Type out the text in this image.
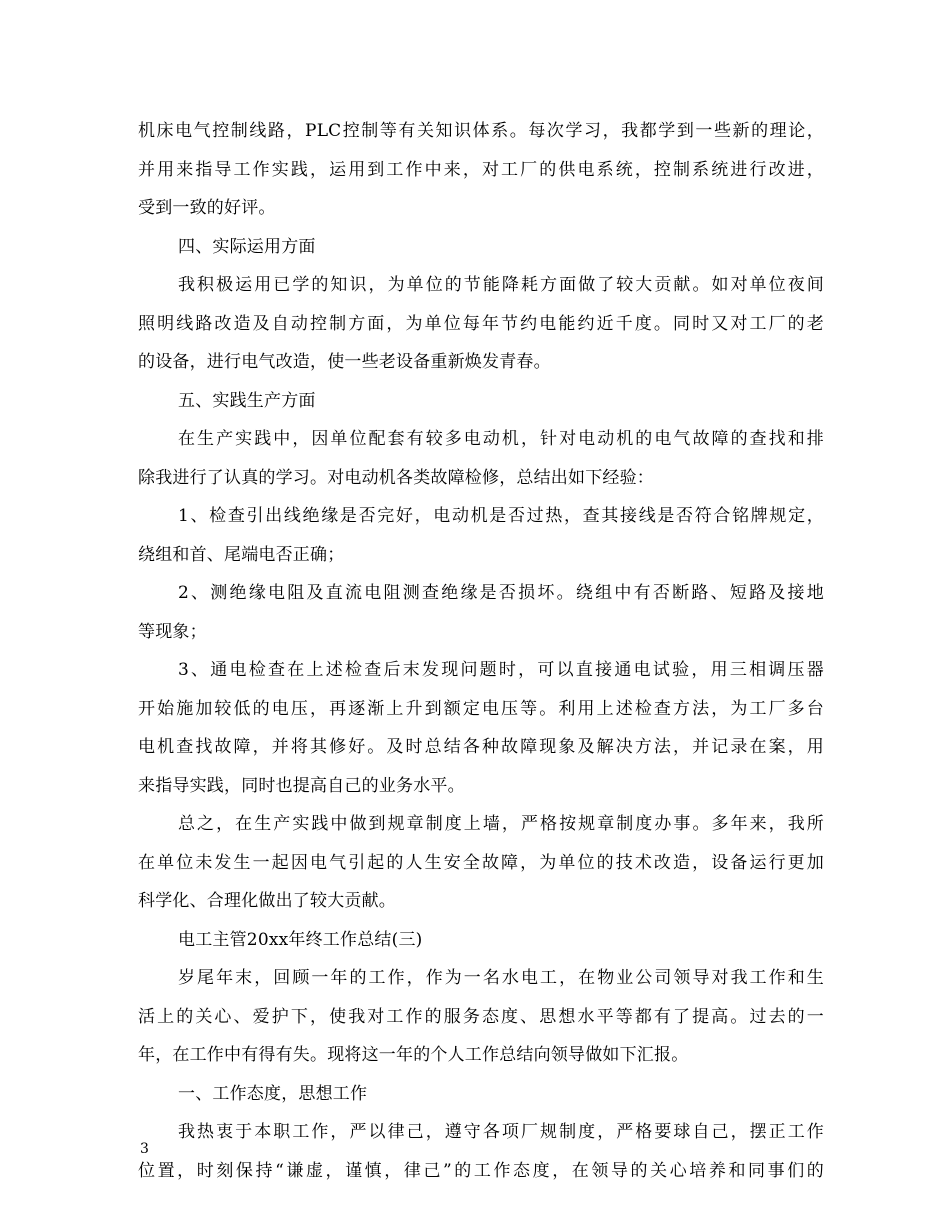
机床电气控制线路，PLC控制等有关知识体系。每次学习，我都学到一些新的理论，
并用来指导工作实践，运用到工作中来，对工厂的供电系统，控制系统进行改进，
受到一致的好评。
四、实际运用方面
我积极运用已学的知识，为单位的节能降耗方面做了较大贡献。如对单位夜间
照明线路改造及自动控制方面，为单位每年节约电能约近千度。同时又对工厂的老
的设备，进行电气改造，使一些老设备重新焕发青春。
五、实践生产方面
在生产实践中，因单位配套有较多电动机，针对电动机的电气故障的查找和排
除我进行了认真的学习。对电动机各类故障检修，总结出如下经验：
1、检查引出线绝缘是否完好，电动机是否过热，查其接线是否符合铭牌规定，
绕组和首、尾端电否正确；
2、测绝缘电阻及直流电阻测查绝缘是否损坏。绕组中有否断路、短路及接地
等现象；
3、通电检查在上述检查后末发现问题时，可以直接通电试验，用三相调压器
开始施加较低的电压，再逐渐上升到额定电压等。利用上述检查方法，为工厂多台
电机查找故障，并将其修好。及时总结各种故障现象及解决方法，并记录在案，用
来指导实践，同时也提高自己的业务水平。
总之，在生产实践中做到规章制度上墙，严格按规章制度办事。多年来，我所
在单位未发生一起因电气引起的人生安全故障，为单位的技术改造，设备运行更加
科学化、合理化做出了较大贡献。
电工主管20xx年终工作总结(三)
岁尾年末，回顾一年的工作，作为一名水电工，在物业公司领导对我工作和生
活上的关心、爱护下，使我对工作的服务态度、思想水平等都有了提高。过去的一
年，在工作中有得有失。现将这一年的个人工作总结向领导做如下汇报。
一、工作态度，思想工作
我热衷于本职工作，严以律己，遵守各项厂规制度，严格要球自己，摆正工作
位置，时刻保持“谦虚，谨慎，律己”的工作态度，在领导的关心培养和同事们的
3
